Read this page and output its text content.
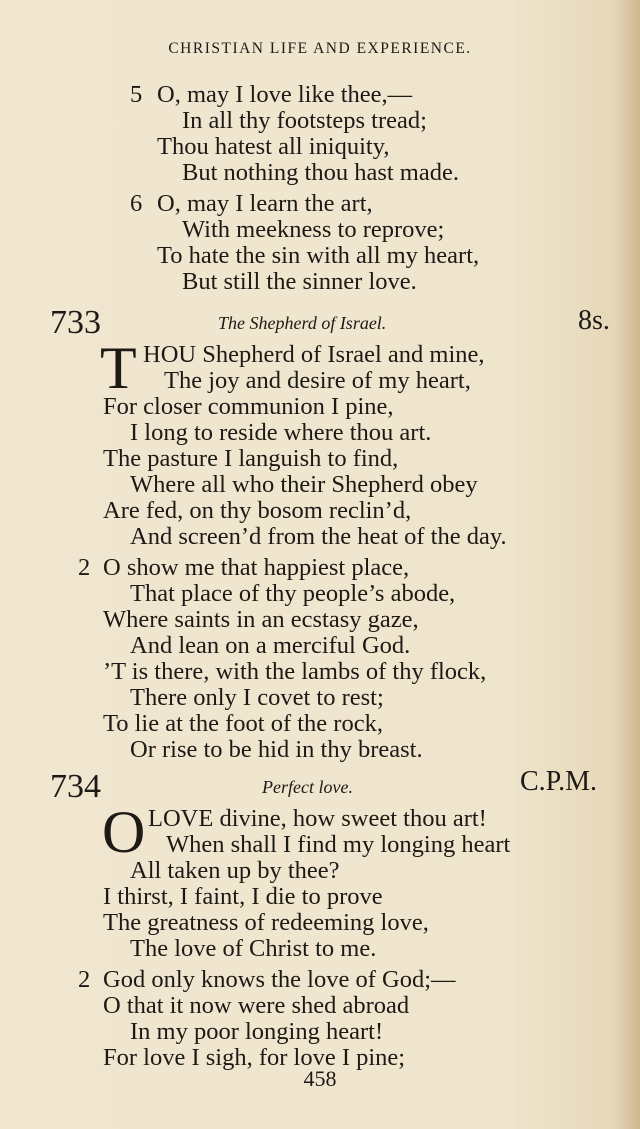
CHRISTIAN LIFE AND EXPERIENCE.
5 O, may I love like thee,—
In all thy footsteps tread;
Thou hatest all iniquity,
But nothing thou hast made.
6 O, may I learn the art,
With meekness to reprove;
To hate the sin with all my heart,
But still the sinner love.
733	The Shepherd of Israel.	8s.
T HOU Shepherd of Israel and mine,
The joy and desire of my heart,
For closer communion I pine,
I long to reside where thou art.
The pasture I languish to find,
Where all who their Shepherd obey
Are fed, on thy bosom reclin’d,
And screen’d from the heat of the day.
2 O show me that happiest place,
That place of thy people’s abode,
Where saints in an ecstasy gaze,
And lean on a merciful God.
’T is there, with the lambs of thy flock,
There only I covet to rest;
To lie at the foot of the rock,
Or rise to be hid in thy breast.
734	Perfect love.	C.P.M.
O LOVE divine, how sweet thou art!
When shall I find my longing heart
All taken up by thee?
I thirst, I faint, I die to prove
The greatness of redeeming love,
The love of Christ to me.
2 God only knows the love of God;—
O that it now were shed abroad
In my poor longing heart!
For love I sigh, for love I pine;
458
